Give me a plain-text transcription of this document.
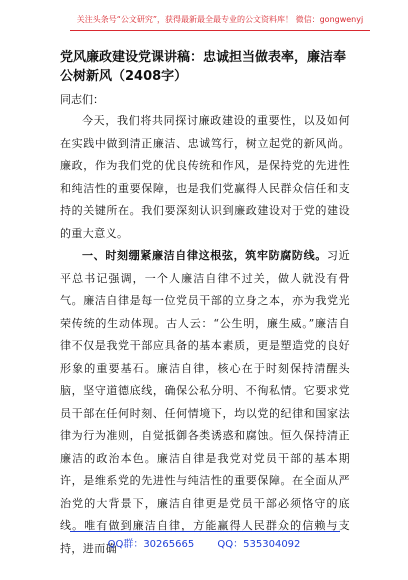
关注头条号“公文研究”，获得最新最全最专业的公文资料库！ 微信：gongwenyj

党风廉政建设党课讲稿：忠诚担当做表率，廉洁奉公树新风（2408字）

同志们：

今天，我们将共同探讨廉政建设的重要性，以及如何在实践中做到清正廉洁、忠诚笃行，树立起党的新风尚。廉政，作为我们党的优良传统和作风，是保持党的先进性和纯洁性的重要保障，也是我们党赢得人民群众信任和支持的关键所在。我们要深刻认识到廉政建设对于党的建设的重大意义。

一、时刻绷紧廉洁自律这根弦，筑牢防腐防线。习近平总书记强调，一个人廉洁自律不过关，做人就没有骨气。廉洁自律是每一位党员干部的立身之本，亦为我党光荣传统的生动体现。古人云：“公生明，廉生威。”廉洁自律不仅是我党干部应具备的基本素质，更是塑造党的良好形象的重要基石。廉洁自律，核心在于时刻保持清醒头脑，坚守道德底线，确保公私分明、不徇私情。它要求党员干部在任何时刻、任何情境下，均以党的纪律和国家法律为行为准则，自觉抵御各类诱惑和腐蚀。恒久保持清正廉洁的政治本色。廉洁自律是我党对党员干部的基本期许，是维系党的先进性与纯洁性的重要保障。在全面从严治党的大背景下，廉洁自律更是党员干部必须恪守的底线。唯有做到廉洁自律，方能赢得人民群众的信赖与支持，进而确

QQ群：30265665 QQ：535304092
